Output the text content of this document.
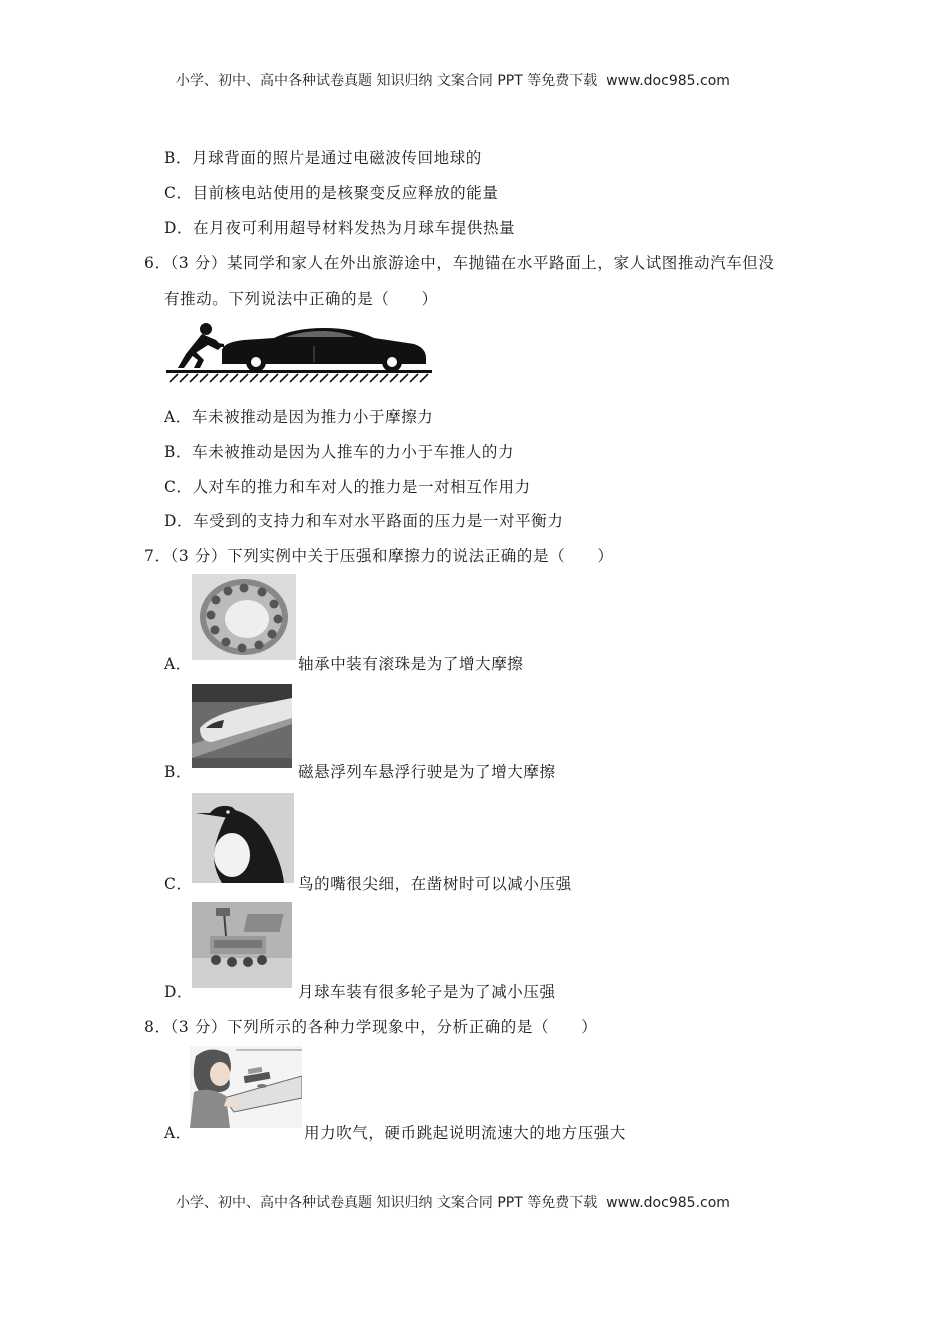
小学、初中、高中各种试卷真题 知识归纳 文案合同 PPT 等免费下载 www.doc985.com
B．月球背面的照片是通过电磁波传回地球的
C．目前核电站使用的是核聚变反应释放的能量
D．在月夜可利用超导材料发热为月球车提供热量
6．（3 分）某同学和家人在外出旅游途中，车抛锚在水平路面上，家人试图推动汽车但没
有推动。下列说法中正确的是（　　）
A．车未被推动是因为推力小于摩擦力
B．车未被推动是因为人推车的力小于车推人的力
C．人对车的推力和车对人的推力是一对相互作用力
D．车受到的支持力和车对水平路面的压力是一对平衡力
7．（3 分）下列实例中关于压强和摩擦力的说法正确的是（　　）
A．	轴承中装有滚珠是为了增大摩擦
B．	磁悬浮列车悬浮行驶是为了增大摩擦
C．	鸟的嘴很尖细，在凿树时可以减小压强
D．	月球车装有很多轮子是为了减小压强
8．（3 分）下列所示的各种力学现象中，分析正确的是（　　）
A．	用力吹气，硬币跳起说明流速大的地方压强大
小学、初中、高中各种试卷真题 知识归纳 文案合同 PPT 等免费下载 www.doc985.com
